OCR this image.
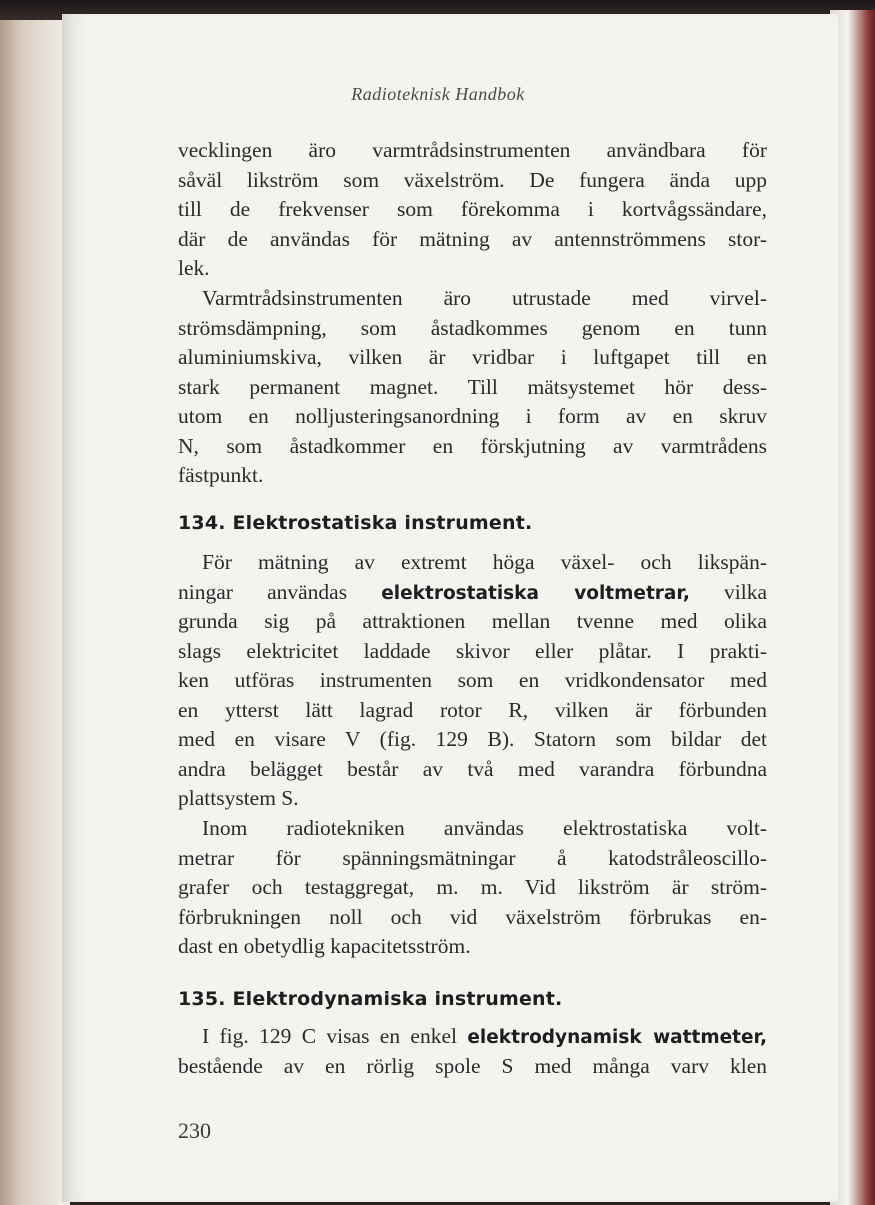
Radioteknisk Handbok
vecklingen äro varmtrådsinstrumenten användbara för
såväl likström som växelström. De fungera ända upp
till de frekvenser som förekomma i kortvågssändare,
där de användas för mätning av antennströmmens stor-
lek.
Varmtrådsinstrumenten äro utrustade med virvel-
strömsdämpning, som åstadkommes genom en tunn
aluminiumskiva, vilken är vridbar i luftgapet till en
stark permanent magnet. Till mätsystemet hör dess-
utom en nolljusteringsanordning i form av en skruv
N, som åstadkommer en förskjutning av varmtrådens
fästpunkt.
134. Elektrostatiska instrument.
För mätning av extremt höga växel- och likspän-
ningar användas elektrostatiska voltmetrar, vilka
grunda sig på attraktionen mellan tvenne med olika
slags elektricitet laddade skivor eller plåtar. I prakti-
ken utföras instrumenten som en vridkondensator med
en ytterst lätt lagrad rotor R, vilken är förbunden
med en visare V (fig. 129 B). Statorn som bildar det
andra belägget består av två med varandra förbundna
plattsystem S.
Inom radiotekniken användas elektrostatiska volt-
metrar för spänningsmätningar å katodstråleoscillo-
grafer och testaggregat, m. m. Vid likström är ström-
förbrukningen noll och vid växelström förbrukas en-
dast en obetydlig kapacitetsström.
135. Elektrodynamiska instrument.
I fig. 129 C visas en enkel elektrodynamisk wattmeter,
bestående av en rörlig spole S med många varv klen
230
